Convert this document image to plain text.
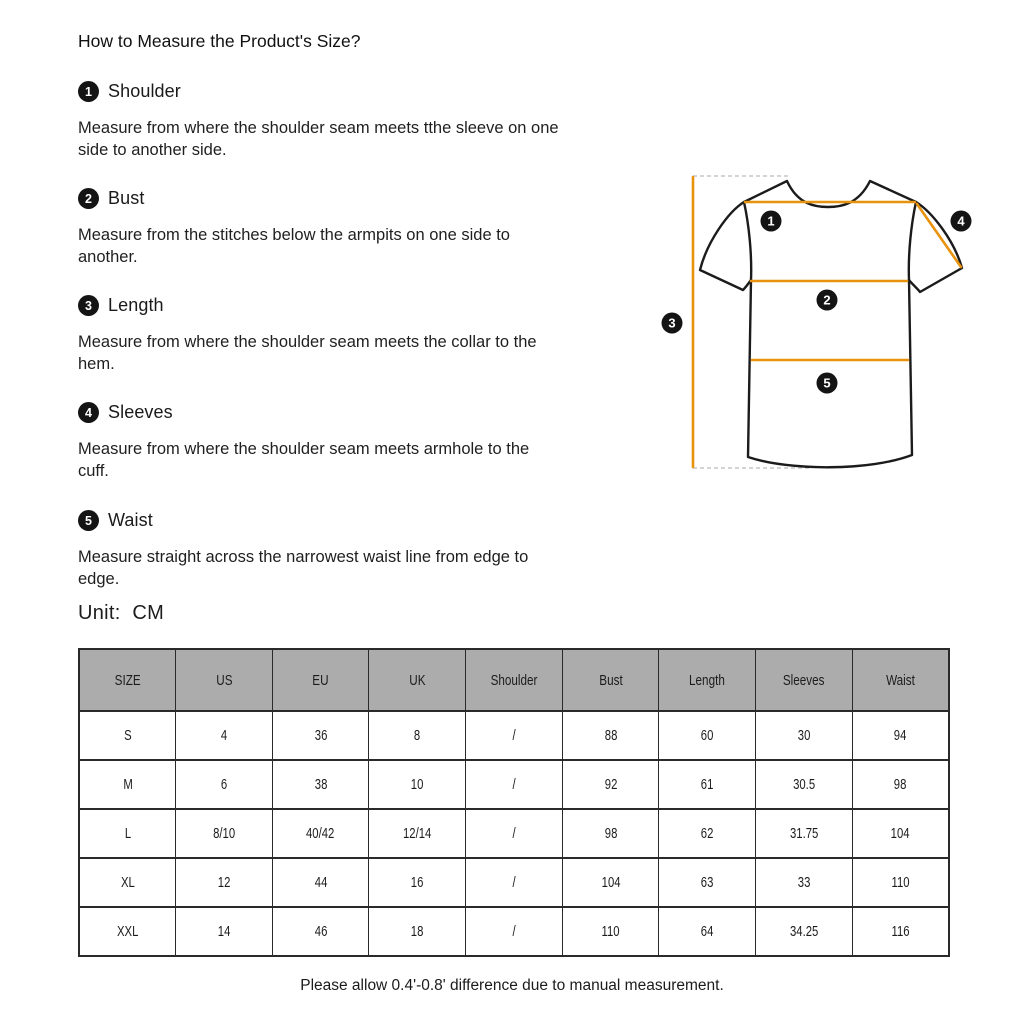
How to Measure the Product's Size?
1 Shoulder
Measure from where the shoulder seam meets tthe sleeve on one
side to another side.
2 Bust
Measure from the stitches below the armpits on one side to
another.
3 Length
Measure from where the shoulder seam meets the collar to the
hem.
4 Sleeves
Measure from where the shoulder seam meets armhole to the
cuff.
5 Waist
Measure straight across the narrowest waist line from edge to
edge.
Unit:  CM
1
2
3
4
5
SIZE	US	EU	UK	Shoulder	Bust	Length	Sleeves	Waist
S	4	36	8	/	88	60	30	94
M	6	38	10	/	92	61	30.5	98
L	8/10	40/42	12/14	/	98	62	31.75	104
XL	12	44	16	/	104	63	33	110
XXL	14	46	18	/	110	64	34.25	116
Please allow 0.4'-0.8' difference due to manual measurement.
